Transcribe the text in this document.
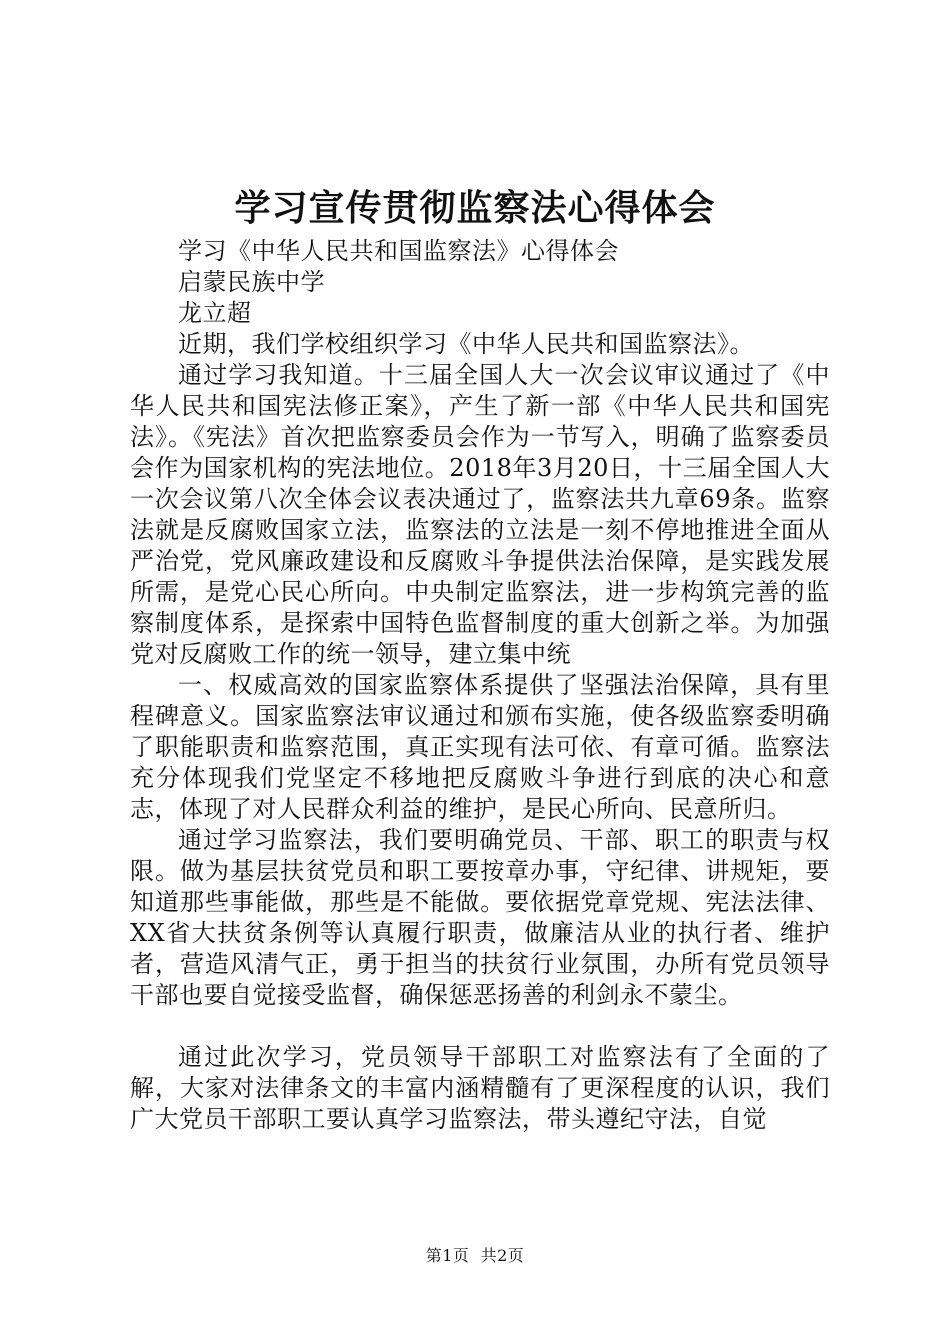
学习宣传贯彻监察法心得体会

学习《中华人民共和国监察法》心得体会

启蒙民族中学

龙立超

近期，我们学校组织学习《中华人民共和国监察法》。

通过学习我知道。十三届全国人大一次会议审议通过了《中华人民共和国宪法修正案》，产生了新一部《中华人民共和国宪法》。《宪法》首次把监察委员会作为一节写入，明确了监察委员会作为国家机构的宪法地位。2018年3月20日，十三届全国人大一次会议第八次全体会议表决通过了，监察法共九章69条。监察法就是反腐败国家立法，监察法的立法是一刻不停地推进全面从严治党，党风廉政建设和反腐败斗争提供法治保障，是实践发展所需，是党心民心所向。中央制定监察法，进一步构筑完善的监察制度体系，是探索中国特色监督制度的重大创新之举。为加强党对反腐败工作的统一领导，建立集中统

一、权威高效的国家监察体系提供了坚强法治保障，具有里程碑意义。国家监察法审议通过和颁布实施，使各级监察委明确了职能职责和监察范围，真正实现有法可依、有章可循。监察法充分体现我们党坚定不移地把反腐败斗争进行到底的决心和意志，体现了对人民群众利益的维护，是民心所向、民意所归。

通过学习监察法，我们要明确党员、干部、职工的职责与权限。做为基层扶贫党员和职工要按章办事，守纪律、讲规矩，要知道那些事能做，那些是不能做。要依据党章党规、宪法法律、XX省大扶贫条例等认真履行职责，做廉洁从业的执行者、维护者，营造风清气正，勇于担当的扶贫行业氛围，办所有党员领导干部也要自觉接受监督，确保惩恶扬善的利剑永不蒙尘。

通过此次学习，党员领导干部职工对监察法有了全面的了解，大家对法律条文的丰富内涵精髓有了更深程度的认识，我们广大党员干部职工要认真学习监察法，带头遵纪守法，自觉

第1页  共2页
